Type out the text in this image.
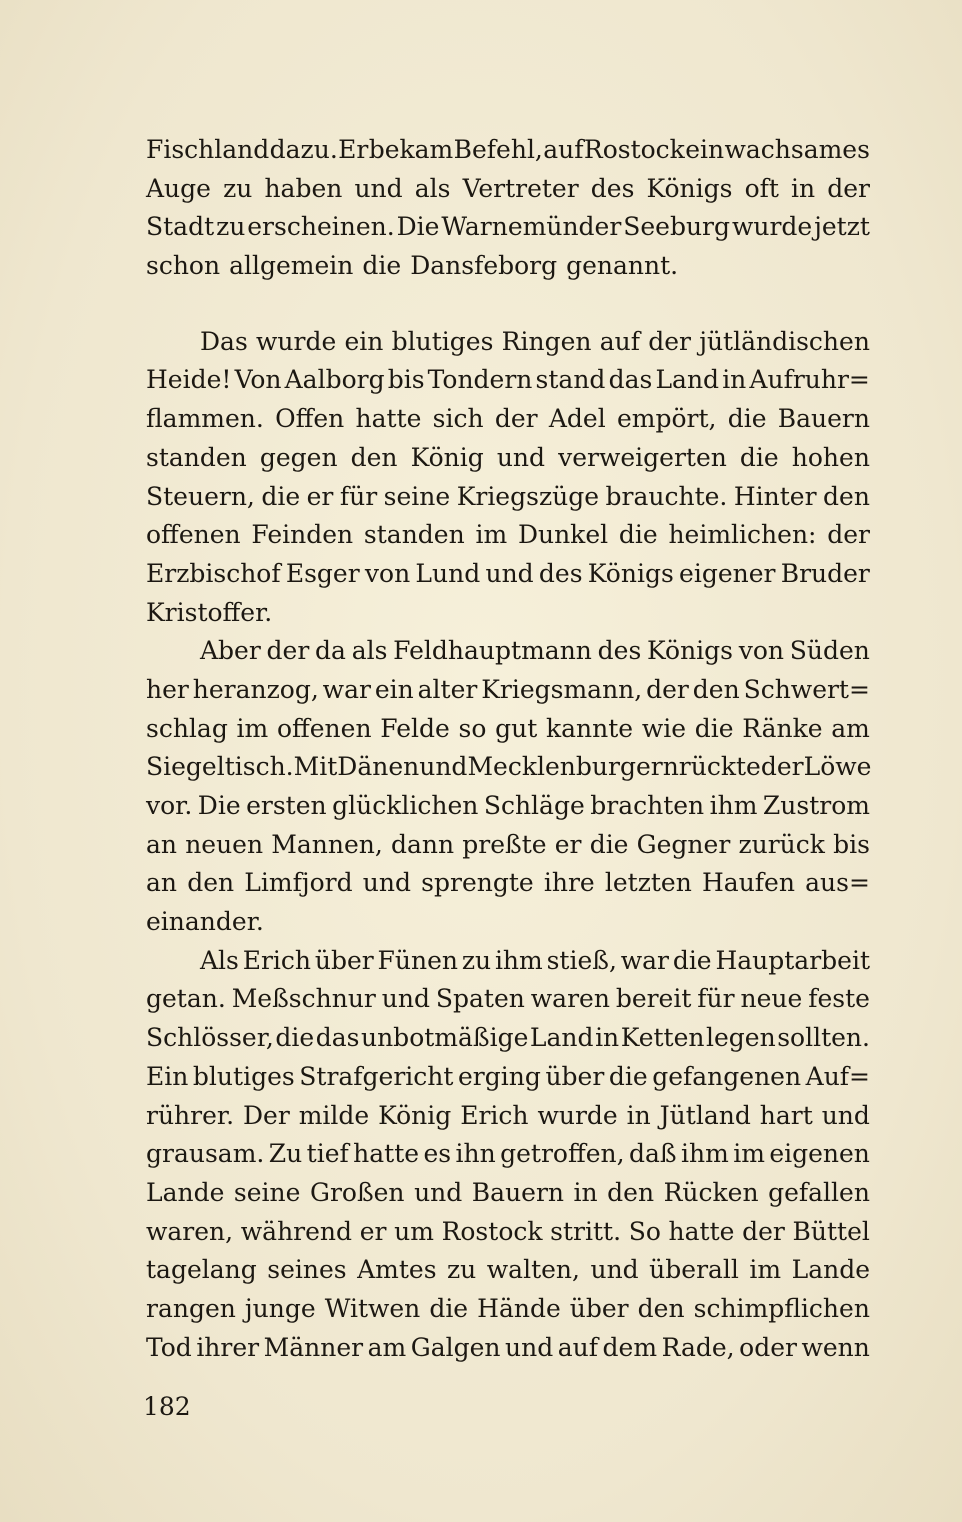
Fischland dazu. Er bekam Befehl, auf Rostock ein wachsames
Auge zu haben und als Vertreter des Königs oft in der
Stadt zu erscheinen. Die Warnemünder Seeburg wurde jetzt
schon allgemein die Dansfeborg genannt.
Das wurde ein blutiges Ringen auf der jütländischen
Heide! Von Aalborg bis Tondern stand das Land in Aufruhr=
flammen. Offen hatte sich der Adel empört, die Bauern
standen gegen den König und verweigerten die hohen
Steuern, die er für seine Kriegszüge brauchte. Hinter den
offenen Feinden standen im Dunkel die heimlichen: der
Erzbischof Esger von Lund und des Königs eigener Bruder
Kristoffer.
Aber der da als Feldhauptmann des Königs von Süden
her heranzog, war ein alter Kriegsmann, der den Schwert=
schlag im offenen Felde so gut kannte wie die Ränke am
Siegeltisch. Mit Dänen und Mecklenburgern rückte der Löwe
vor. Die ersten glücklichen Schläge brachten ihm Zustrom
an neuen Mannen, dann preßte er die Gegner zurück bis
an den Limfjord und sprengte ihre letzten Haufen aus=
einander.
Als Erich über Fünen zu ihm stieß, war die Hauptarbeit
getan. Meßschnur und Spaten waren bereit für neue feste
Schlösser, die das unbotmäßige Land in Ketten legen sollten.
Ein blutiges Strafgericht erging über die gefangenen Auf=
rührer. Der milde König Erich wurde in Jütland hart und
grausam. Zu tief hatte es ihn getroffen, daß ihm im eigenen
Lande seine Großen und Bauern in den Rücken gefallen
waren, während er um Rostock stritt. So hatte der Büttel
tagelang seines Amtes zu walten, und überall im Lande
rangen junge Witwen die Hände über den schimpflichen
Tod ihrer Männer am Galgen und auf dem Rade, oder wenn
182
